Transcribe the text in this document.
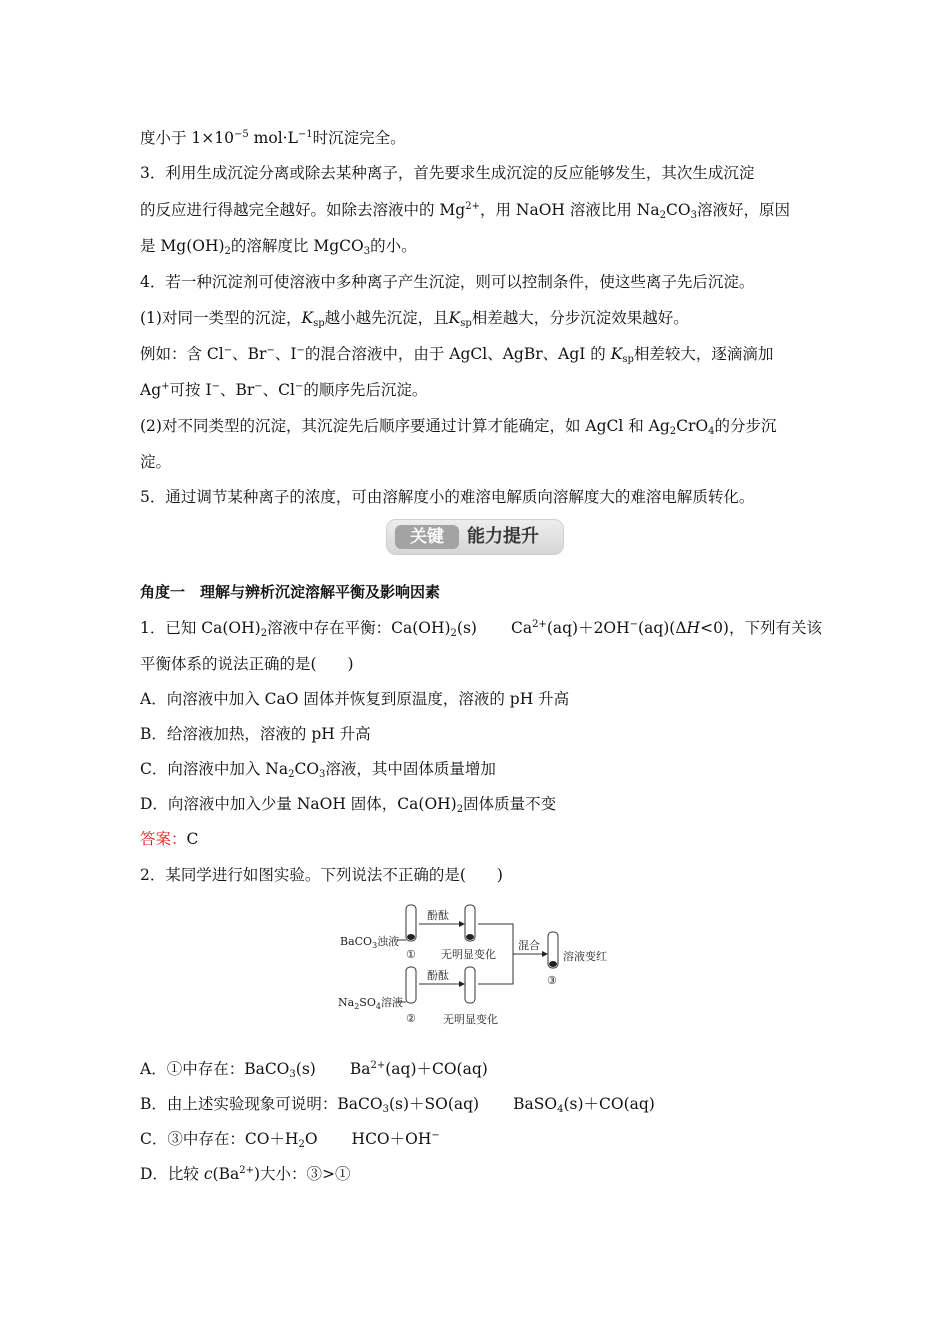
度小于 $1\times 10^{-5}$ $mol\cdot L^{-1}$时沉淀完全。
3．利用生成沉淀分离或除去某种离子，首先要求生成沉淀的反应能够发生，其次生成沉淀
的反应进行得越完全越好。如除去溶液中的 $Mg^{2+}$，用 NaOH 溶液比用 $Na_2CO_3$溶液好，原因
是 $Mg(OH)_2$的溶解度比 MgCO$_3$的小。
4．若一种沉淀剂可使溶液中多种离子产生沉淀，则可以控制条件，使这些离子先后沉淀。
(1)对同一类型的沉淀，$K_{sp}$越小越先沉淀，且$K_{sp}$相差越大，分步沉淀效果越好。
例如：含 Cl−、Br−、I−的混合溶液中，由于 AgCl、AgBr、AgI 的 $K_{sp}$相差较大，逐滴滴加
Ag+可按 I−、Br−、Cl−的顺序先后沉淀。
(2)对不同类型的沉淀，其沉淀先后顺序要通过计算才能确定，如 AgCl 和 $Ag_2CrO_4$的分步沉
淀。
5．通过调节某种离子的浓度，可由溶解度小的难溶电解质向溶解度大的难溶电解质转化。
关键	能力提升
角度一　理解与辨析沉淀溶解平衡及影响因素
1．已知 $Ca(OH)_2$溶液中存在平衡：$Ca(OH)_2(s)$ $Ca^{2+}(aq)+2OH^-(aq)(\Delta H<0)$，下列有关该
平衡体系的说法正确的是(　　)
A．向溶液中加入 CaO 固体并恢复到原温度，溶液的 pH 升高
B．给溶液加热，溶液的 pH 升高
C．向溶液中加入 $Na_2CO_3$溶液，其中固体质量增加
D．向溶液中加入少量 NaOH 固体，$Ca(OH)_2$固体质量不变
答案：C
2．某同学进行如图实验。下列说法不正确的是(　　)
BaCO$_3$浊液
$Na_2SO_4$溶液
酚酞
酚酞
无明显变化
无明显变化
混合
溶液变红
①
②
③
A．①中存在：BaCO$_3$(s) $Ba^{2+}(aq)+CO(aq)$
B．由上述实验现象可说明：BaCO$_3$(s)＋SO(aq) BaSO$_4$(s)＋CO(aq)
C．③中存在：$CO+H_2O$ HCO＋OH−
D．比较 $c(Ba^{2+})$大小：③>①
